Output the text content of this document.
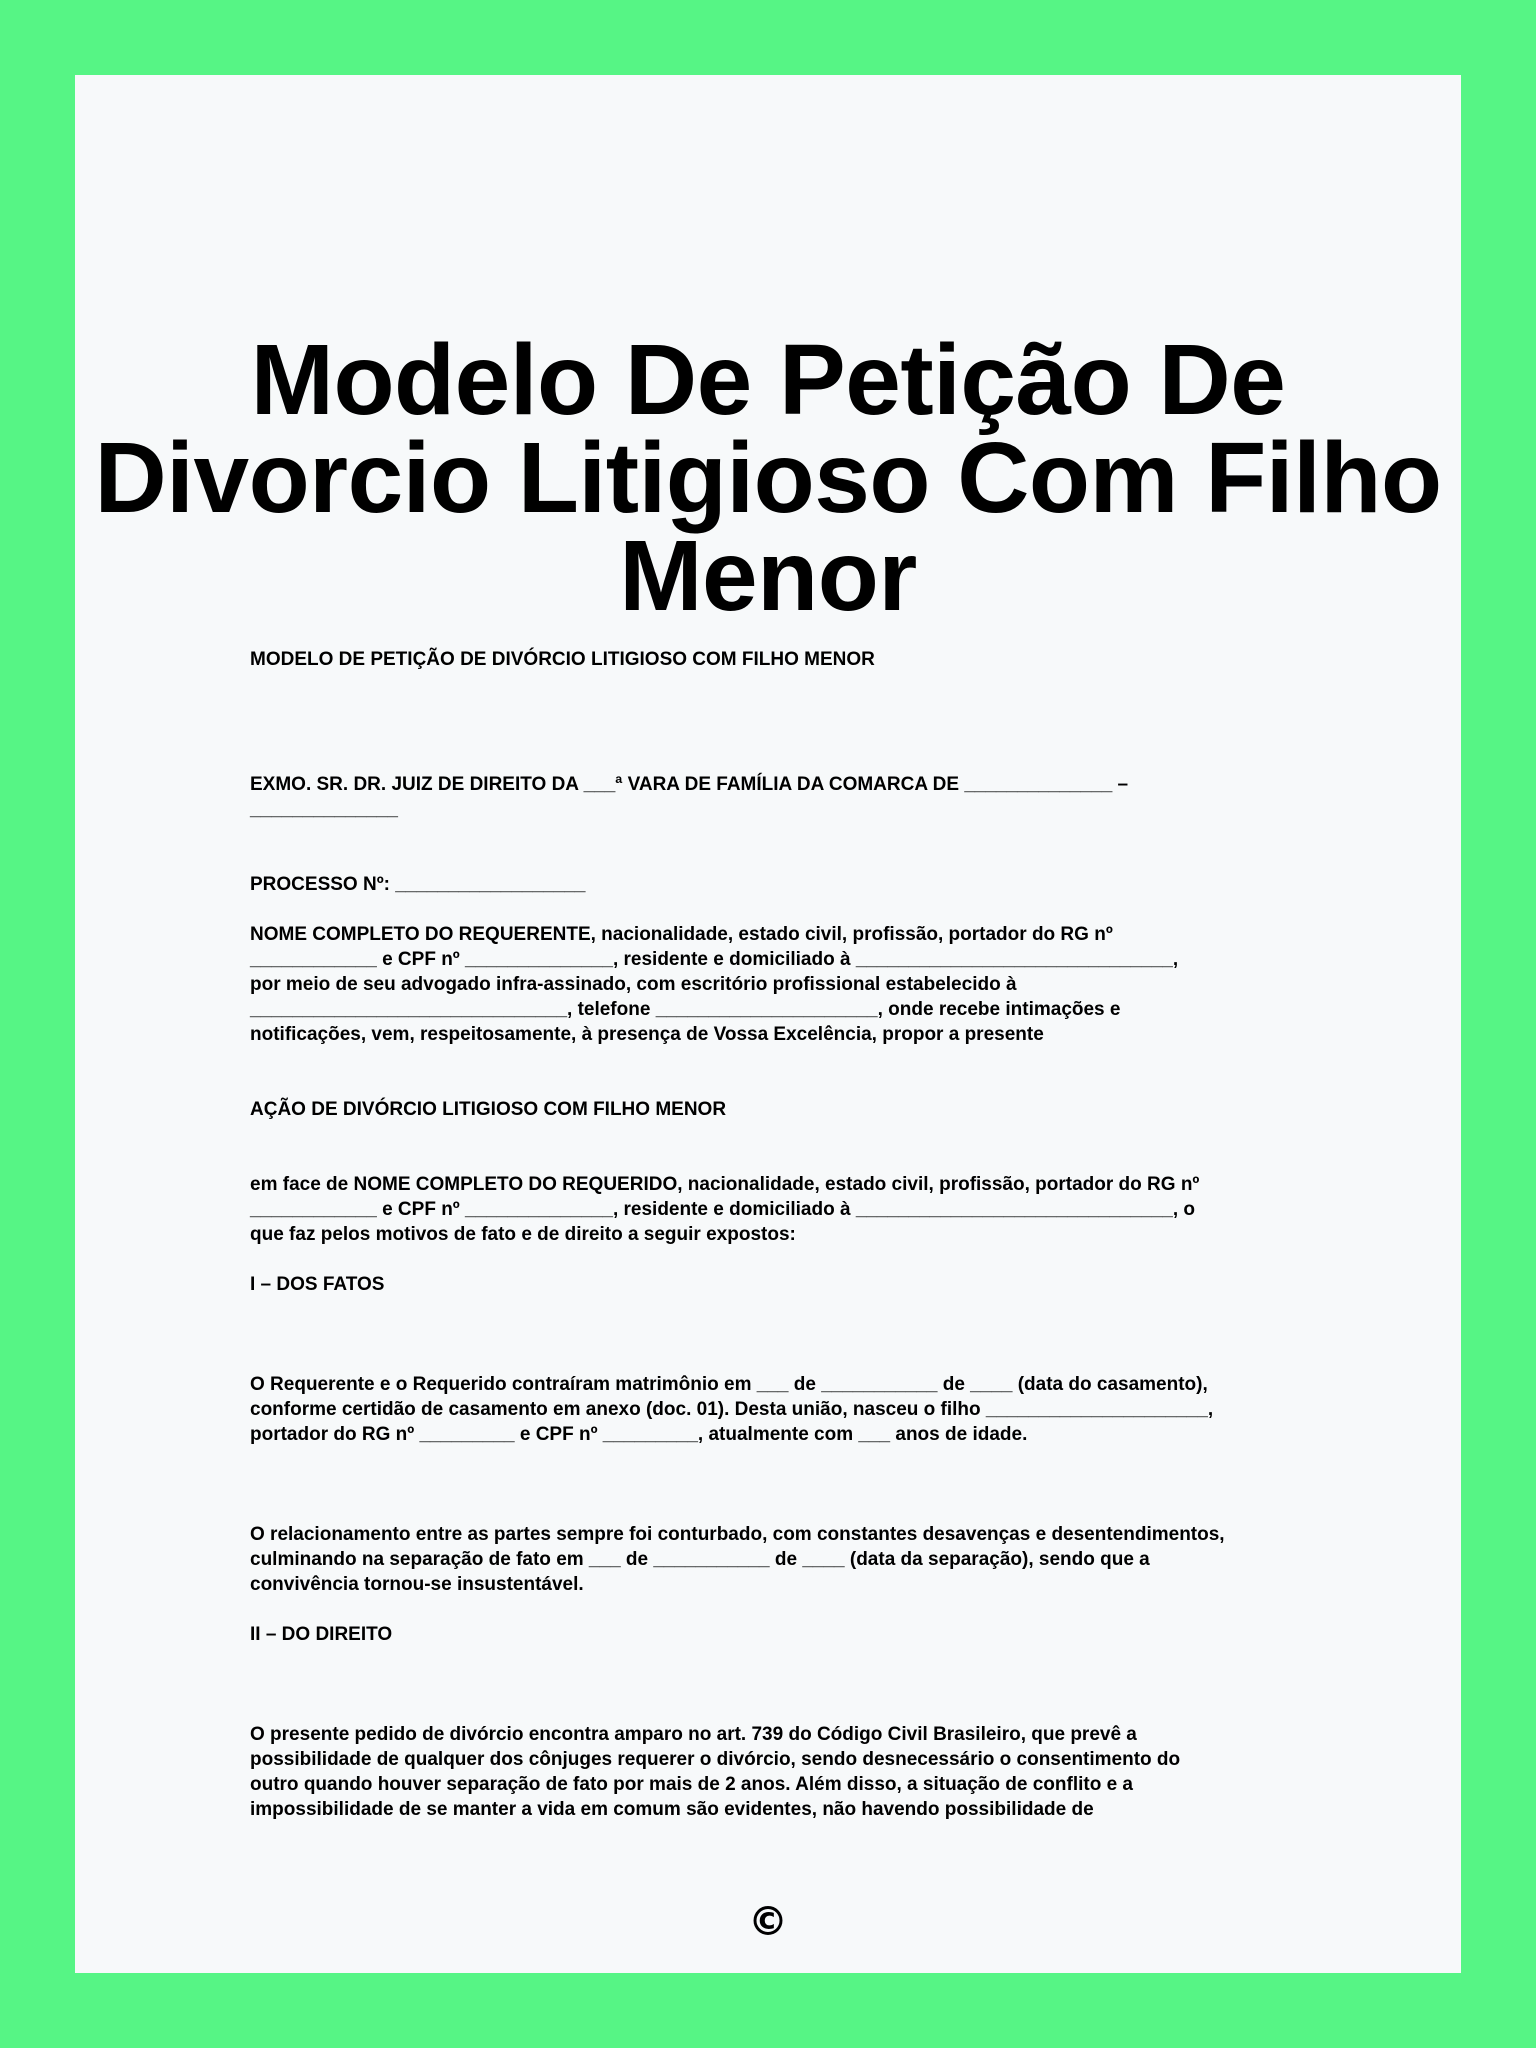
Modelo De Petição De Divorcio Litigioso Com Filho Menor

MODELO DE PETIÇÃO DE DIVÓRCIO LITIGIOSO COM FILHO MENOR

EXMO. SR. DR. JUIZ DE DIREITO DA ___ª VARA DE FAMÍLIA DA COMARCA DE ______________ –
______________

PROCESSO Nº: __________________

NOME COMPLETO DO REQUERENTE, nacionalidade, estado civil, profissão, portador do RG nº
____________ e CPF nº ______________, residente e domiciliado à ______________________________,
por meio de seu advogado infra-assinado, com escritório profissional estabelecido à
______________________________, telefone _____________________, onde recebe intimações e
notificações, vem, respeitosamente, à presença de Vossa Excelência, propor a presente

AÇÃO DE DIVÓRCIO LITIGIOSO COM FILHO MENOR

em face de NOME COMPLETO DO REQUERIDO, nacionalidade, estado civil, profissão, portador do RG nº
____________ e CPF nº ______________, residente e domiciliado à ______________________________, o
que faz pelos motivos de fato e de direito a seguir expostos:

I – DOS FATOS

O Requerente e o Requerido contraíram matrimônio em ___ de ___________ de ____ (data do casamento),
conforme certidão de casamento em anexo (doc. 01). Desta união, nasceu o filho _____________________,
portador do RG nº _________ e CPF nº _________, atualmente com ___ anos de idade.

O relacionamento entre as partes sempre foi conturbado, com constantes desavenças e desentendimentos,
culminando na separação de fato em ___ de ___________ de ____ (data da separação), sendo que a
convivência tornou-se insustentável.

II – DO DIREITO

O presente pedido de divórcio encontra amparo no art. 739 do Código Civil Brasileiro, que prevê a
possibilidade de qualquer dos cônjuges requerer o divórcio, sendo desnecessário o consentimento do
outro quando houver separação de fato por mais de 2 anos. Além disso, a situação de conflito e a
impossibilidade de se manter a vida em comum são evidentes, não havendo possibilidade de

©
